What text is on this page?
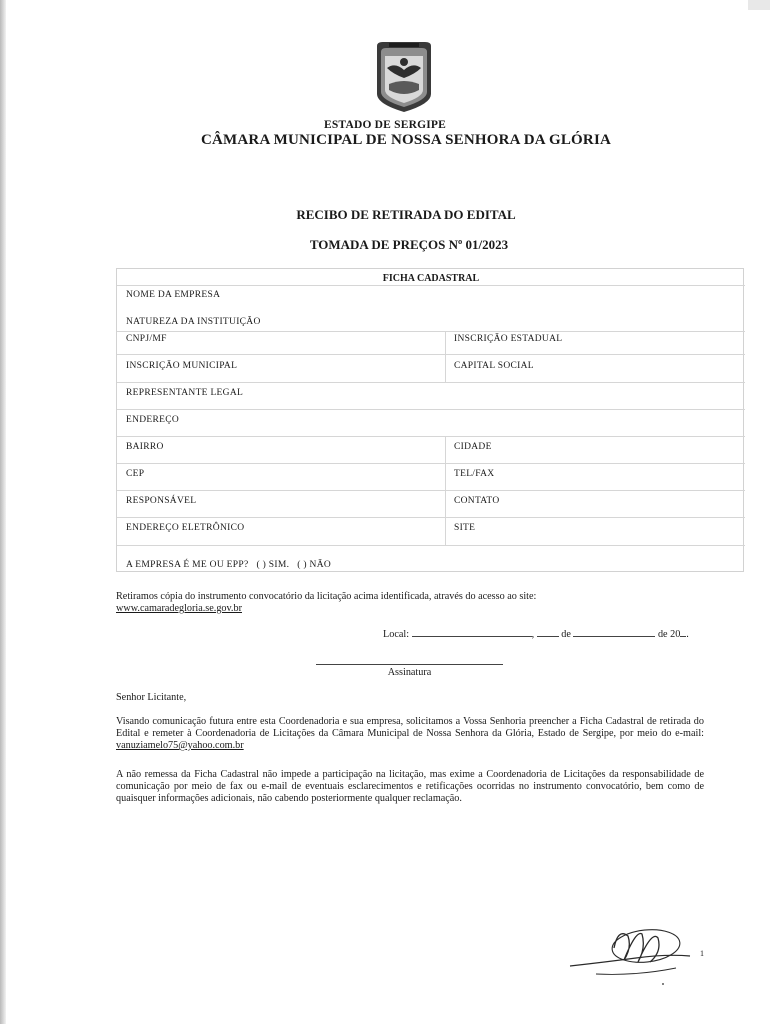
ESTADO DE SERGIPE
CÂMARA MUNICIPAL DE NOSSA SENHORA DA GLÓRIA
RECIBO DE RETIRADA DO EDITAL
TOMADA DE PREÇOS Nº 01/2023
FICHA CADASTRAL
NOME DA EMPRESA
NATUREZA DA INSTITUIÇÃO
CNPJ/MF	INSCRIÇÃO ESTADUAL
INSCRIÇÃO MUNICIPAL	CAPITAL SOCIAL
REPRESENTANTE LEGAL
ENDEREÇO
BAIRRO	CIDADE
CEP	TEL/FAX
RESPONSÁVEL	CONTATO
ENDEREÇO ELETRÔNICO	SITE
A EMPRESA É ME OU EPP? ( ) SIM. ( ) NÃO
Retiramos cópia do instrumento convocatório da licitação acima identificada, através do acesso ao site:
www.camaradegloria.se.gov.br
Local:	,	de	de 20 .
Assinatura
Senhor Licitante,
Visando comunicação futura entre esta Coordenadoria e sua empresa, solicitamos a Vossa Senhoria preencher a Ficha Cadastral de retirada do Edital e remeter à Coordenadoria de Licitações da Câmara Municipal de Nossa Senhora da Glória, Estado de Sergipe, por meio do e-mail: vanuziamelo75@yahoo.com.br
A não remessa da Ficha Cadastral não impede a participação na licitação, mas exime a Coordenadoria de Licitações da responsabilidade de comunicação por meio de fax ou e-mail de eventuais esclarecimentos e retificações ocorridas no instrumento convocatório, bem como de quaisquer informações adicionais, não cabendo posteriormente qualquer reclamação.
1
